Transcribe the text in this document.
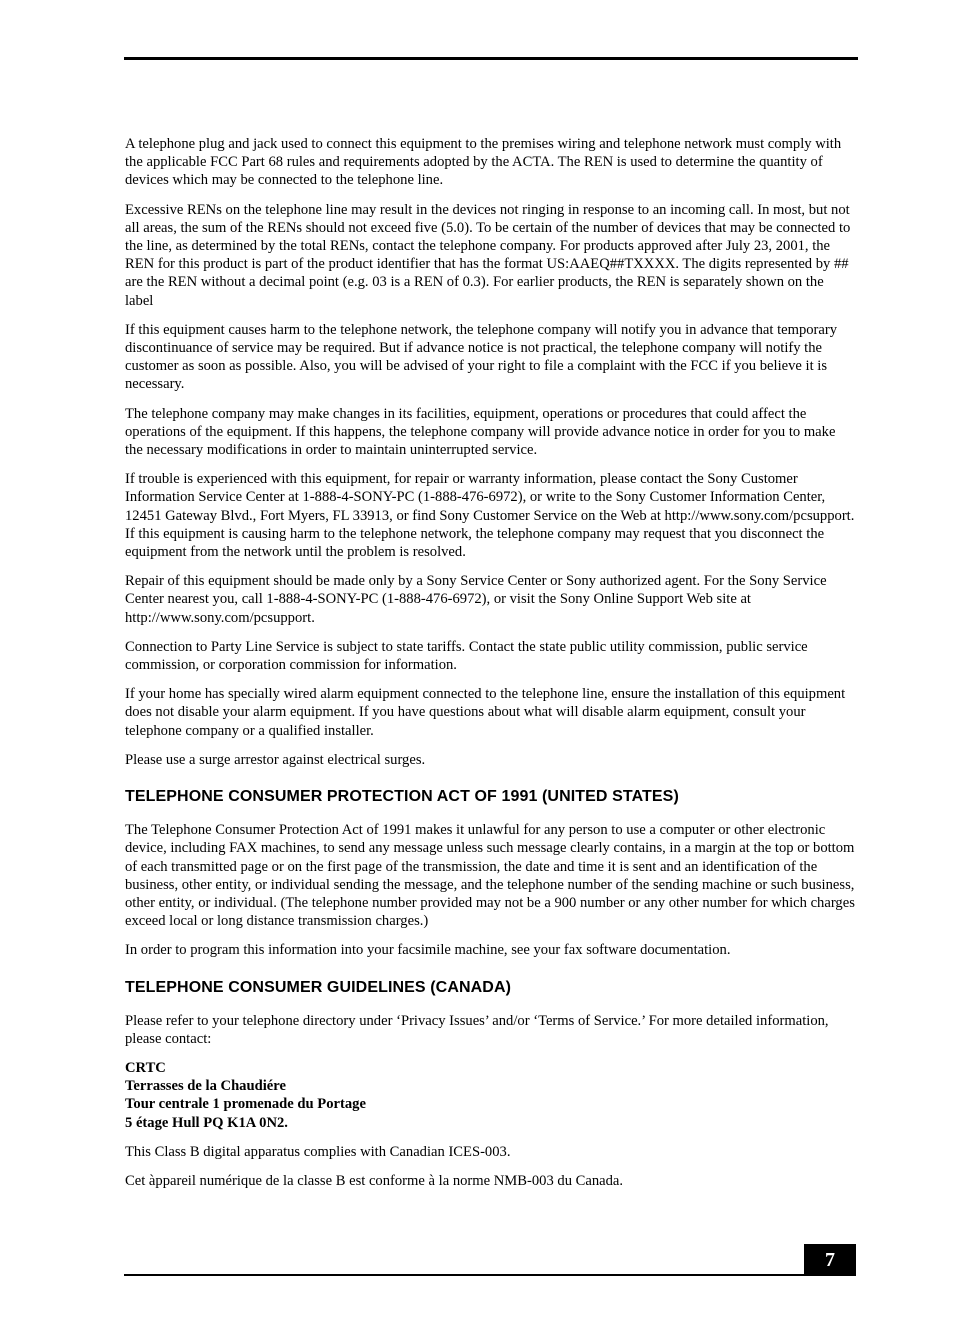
A telephone plug and jack used to connect this equipment to the premises wiring and telephone network must comply with the applicable FCC Part 68 rules and requirements adopted by the ACTA. The REN is used to determine the quantity of devices which may be connected to the telephone line.

Excessive RENs on the telephone line may result in the devices not ringing in response to an incoming call. In most, but not all areas, the sum of the RENs should not exceed five (5.0). To be certain of the number of devices that may be connected to the line, as determined by the total RENs, contact the telephone company. For products approved after July 23, 2001, the REN for this product is part of the product identifier that has the format US:AAEQ##TXXXX. The digits represented by ## are the REN without a decimal point (e.g. 03 is a REN of 0.3). For earlier products, the REN is separately shown on the label

If this equipment causes harm to the telephone network, the telephone company will notify you in advance that temporary discontinuance of service may be required. But if advance notice is not practical, the telephone company will notify the customer as soon as possible. Also, you will be advised of your right to file a complaint with the FCC if you believe it is necessary.

The telephone company may make changes in its facilities, equipment, operations or procedures that could affect the operations of the equipment. If this happens, the telephone company will provide advance notice in order for you to make the necessary modifications in order to maintain uninterrupted service.

If trouble is experienced with this equipment, for repair or warranty information, please contact the Sony Customer Information Service Center at 1-888-4-SONY-PC (1-888-476-6972), or write to the Sony Customer Information Center, 12451 Gateway Blvd., Fort Myers, FL 33913, or find Sony Customer Service on the Web at http://www.sony.com/pcsupport. If this equipment is causing harm to the telephone network, the telephone company may request that you disconnect the equipment from the network until the problem is resolved.

Repair of this equipment should be made only by a Sony Service Center or Sony authorized agent. For the Sony Service Center nearest you, call 1-888-4-SONY-PC (1-888-476-6972), or visit the Sony Online Support Web site at http://www.sony.com/pcsupport.

Connection to Party Line Service is subject to state tariffs. Contact the state public utility commission, public service commission, or corporation commission for information.

If your home has specially wired alarm equipment connected to the telephone line, ensure the installation of this equipment does not disable your alarm equipment. If you have questions about what will disable alarm equipment, consult your telephone company or a qualified installer.

Please use a surge arrestor against electrical surges.

TELEPHONE CONSUMER PROTECTION ACT OF 1991 (UNITED STATES)

The Telephone Consumer Protection Act of 1991 makes it unlawful for any person to use a computer or other electronic device, including FAX machines, to send any message unless such message clearly contains, in a margin at the top or bottom of each transmitted page or on the first page of the transmission, the date and time it is sent and an identification of the business, other entity, or individual sending the message, and the telephone number of the sending machine or such business, other entity, or individual. (The telephone number provided may not be a 900 number or any other number for which charges exceed local or long distance transmission charges.)

In order to program this information into your facsimile machine, see your fax software documentation.

TELEPHONE CONSUMER GUIDELINES (CANADA)

Please refer to your telephone directory under ‘Privacy Issues’ and/or ‘Terms of Service.’ For more detailed information, please contact:

CRTC
Terrasses de la Chaudiére
Tour centrale 1 promenade du Portage
5 étage Hull PQ K1A 0N2.

This Class B digital apparatus complies with Canadian ICES-003.

Cet àppareil numérique de la classe B est conforme à la norme NMB-003 du Canada.

7
